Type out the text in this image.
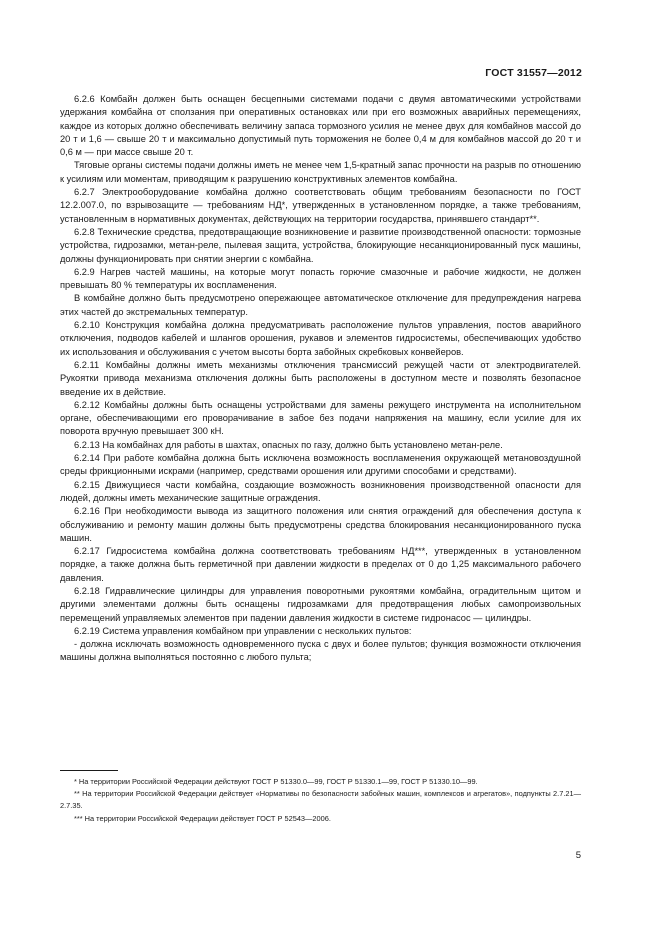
ГОСТ 31557—2012

6.2.6 Комбайн должен быть оснащен бесцепными системами подачи с двумя автоматическими устройствами удержания комбайна от сползания при оперативных остановках или при его возможных аварийных перемещениях, каждое из которых должно обеспечивать величину запаса тормозного усилия не менее двух для комбайнов массой до 20 т и 1,6 — свыше 20 т и максимально допустимый путь торможения не более 0,4 м для комбайнов массой до 20 т и 0,6 м — при массе свыше 20 т.

Тяговые органы системы подачи должны иметь не менее чем 1,5-кратный запас прочности на разрыв по отношению к усилиям или моментам, приводящим к разрушению конструктивных элементов комбайна.

6.2.7 Электрооборудование комбайна должно соответствовать общим требованиям безопасности по ГОСТ 12.2.007.0, по взрывозащите — требованиям НД*, утвержденных в установленном порядке, а также требованиям, установленным в нормативных документах, действующих на территории государства, принявшего стандарт**.

6.2.8 Технические средства, предотвращающие возникновение и развитие производственной опасности: тормозные устройства, гидрозамки, метан-реле, пылевая защита, устройства, блокирующие несанкционированный пуск машины, должны функционировать при снятии энергии с комбайна.

6.2.9 Нагрев частей машины, на которые могут попасть горючие смазочные и рабочие жидкости, не должен превышать 80 % температуры их воспламенения.

В комбайне должно быть предусмотрено опережающее автоматическое отключение для предупреждения нагрева этих частей до экстремальных температур.

6.2.10 Конструкция комбайна должна предусматривать расположение пультов управления, постов аварийного отключения, подводов кабелей и шлангов орошения, рукавов и элементов гидросистемы, обеспечивающих удобство их использования и обслуживания с учетом высоты борта забойных скребковых конвейеров.

6.2.11 Комбайны должны иметь механизмы отключения трансмиссий режущей части от электродвигателей. Рукоятки привода механизма отключения должны быть расположены в доступном месте и позволять безопасное введение их в действие.

6.2.12 Комбайны должны быть оснащены устройствами для замены режущего инструмента на исполнительном органе, обеспечивающими его проворачивание в забое без подачи напряжения на машину, если усилие для их поворота вручную превышает 300 кН.

6.2.13 На комбайнах для работы в шахтах, опасных по газу, должно быть установлено метан-реле.

6.2.14 При работе комбайна должна быть исключена возможность воспламенения окружающей метановоздушной среды фрикционными искрами (например, средствами орошения или другими способами и средствами).

6.2.15 Движущиеся части комбайна, создающие возможность возникновения производственной опасности для людей, должны иметь механические защитные ограждения.

6.2.16 При необходимости вывода из защитного положения или снятия ограждений для обеспечения доступа к обслуживанию и ремонту машин должны быть предусмотрены средства блокирования несанкционированного пуска машин.

6.2.17 Гидросистема комбайна должна соответствовать требованиям НД***, утвержденных в установленном порядке, а также должна быть герметичной при давлении жидкости в пределах от 0 до 1,25 максимального рабочего давления.

6.2.18 Гидравлические цилиндры для управления поворотными рукоятями комбайна, оградительным щитом и другими элементами должны быть оснащены гидрозамками для предотвращения любых самопроизвольных перемещений управляемых элементов при падении давления жидкости в системе гидронасос — цилиндры.

6.2.19 Система управления комбайном при управлении с нескольких пультов:

- должна исключать возможность одновременного пуска с двух и более пультов; функция возможности отключения машины должна выполняться постоянно с любого пульта;

* На территории Российской Федерации действуют ГОСТ Р 51330.0—99, ГОСТ Р 51330.1—99, ГОСТ Р 51330.10—99.

** На территории Российской Федерации действует «Нормативы по безопасности забойных машин, комплексов и агрегатов», подпункты 2.7.21—2.7.35.

*** На территории Российской Федерации действует ГОСТ Р 52543—2006.

5
